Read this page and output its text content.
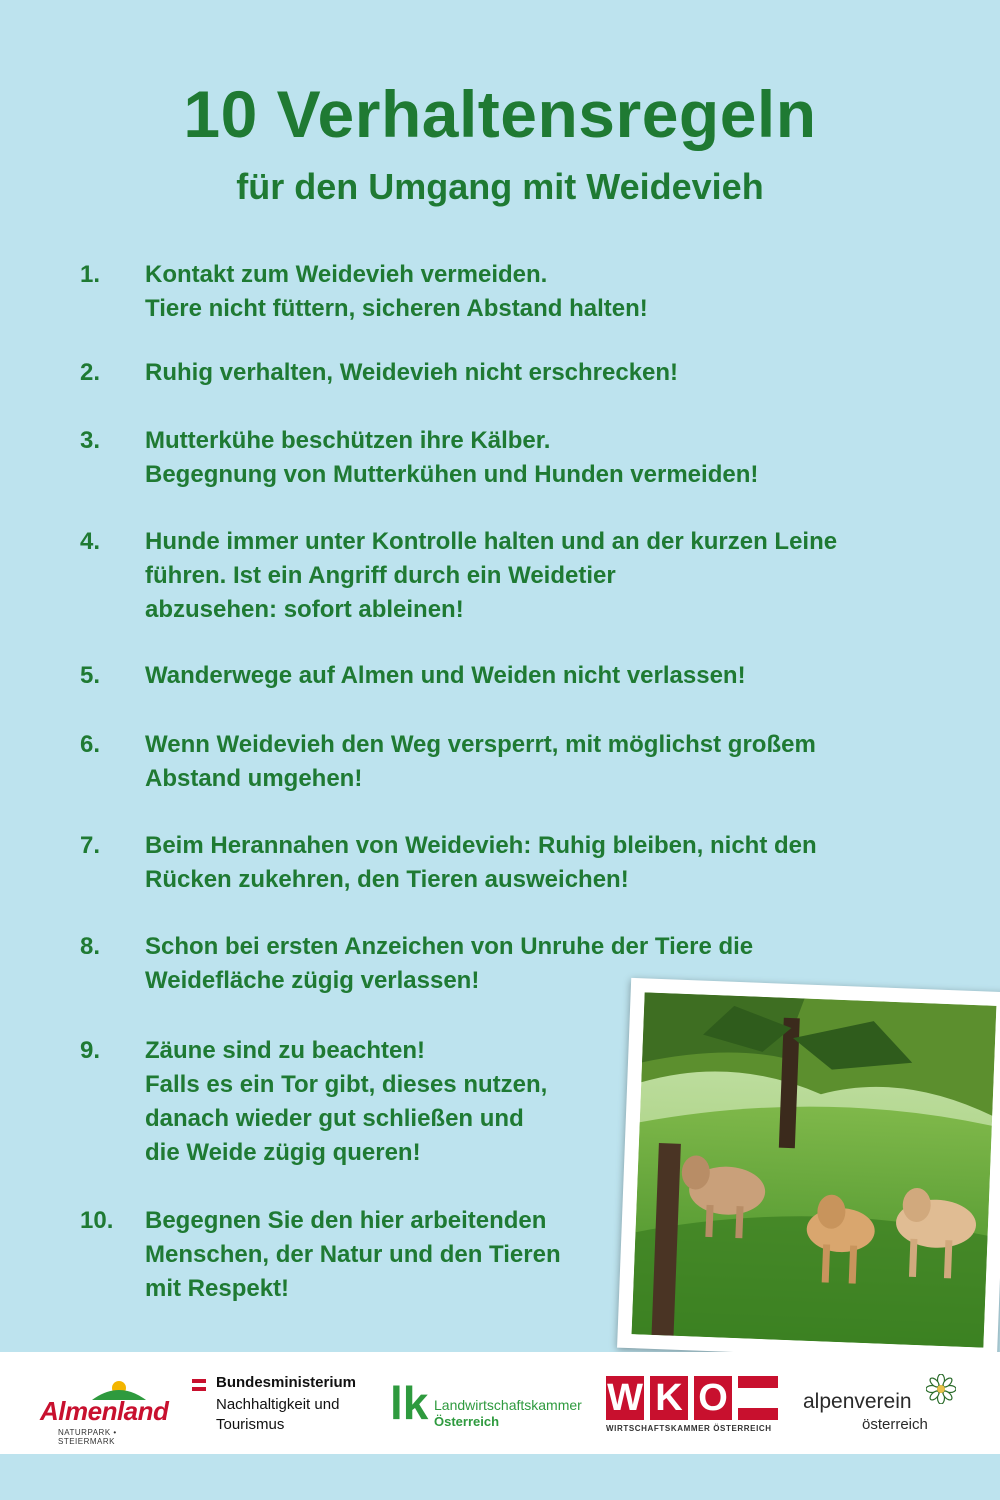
10 Verhaltensregeln
für den Umgang mit Weidevieh
1. Kontakt zum Weidevieh vermeiden.
Tiere nicht füttern, sicheren Abstand halten!
2. Ruhig verhalten, Weidevieh nicht erschrecken!
3. Mutterkühe beschützen ihre Kälber.
Begegnung von Mutterkühen und Hunden vermeiden!
4. Hunde immer unter Kontrolle halten und an der kurzen Leine
führen. Ist ein Angriff durch ein Weidetier
abzusehen: sofort ableinen!
5. Wanderwege auf Almen und Weiden nicht verlassen!
6. Wenn Weidevieh den Weg versperrt, mit möglichst großem
Abstand umgehen!
7. Beim Herannahen von Weidevieh: Ruhig bleiben, nicht den
Rücken zukehren, den Tieren ausweichen!
8. Schon bei ersten Anzeichen von Unruhe der Tiere die
Weidefläche zügig verlassen!
9. Zäune sind zu beachten!
Falls es ein Tor gibt, dieses nutzen,
danach wieder gut schließen und
die Weide zügig queren!
10. Begegnen Sie den hier arbeitenden
Menschen, der Natur und den Tieren
mit Respekt!
Almenland
NATURPARK • STEIERMARK
Bundesministerium
Nachhaltigkeit und
Tourismus lk Landwirtschaftskammer
Österreich
W K O
WIRTSCHAFTSKAMMER ÖSTERREICH
alpenverein
österreich
